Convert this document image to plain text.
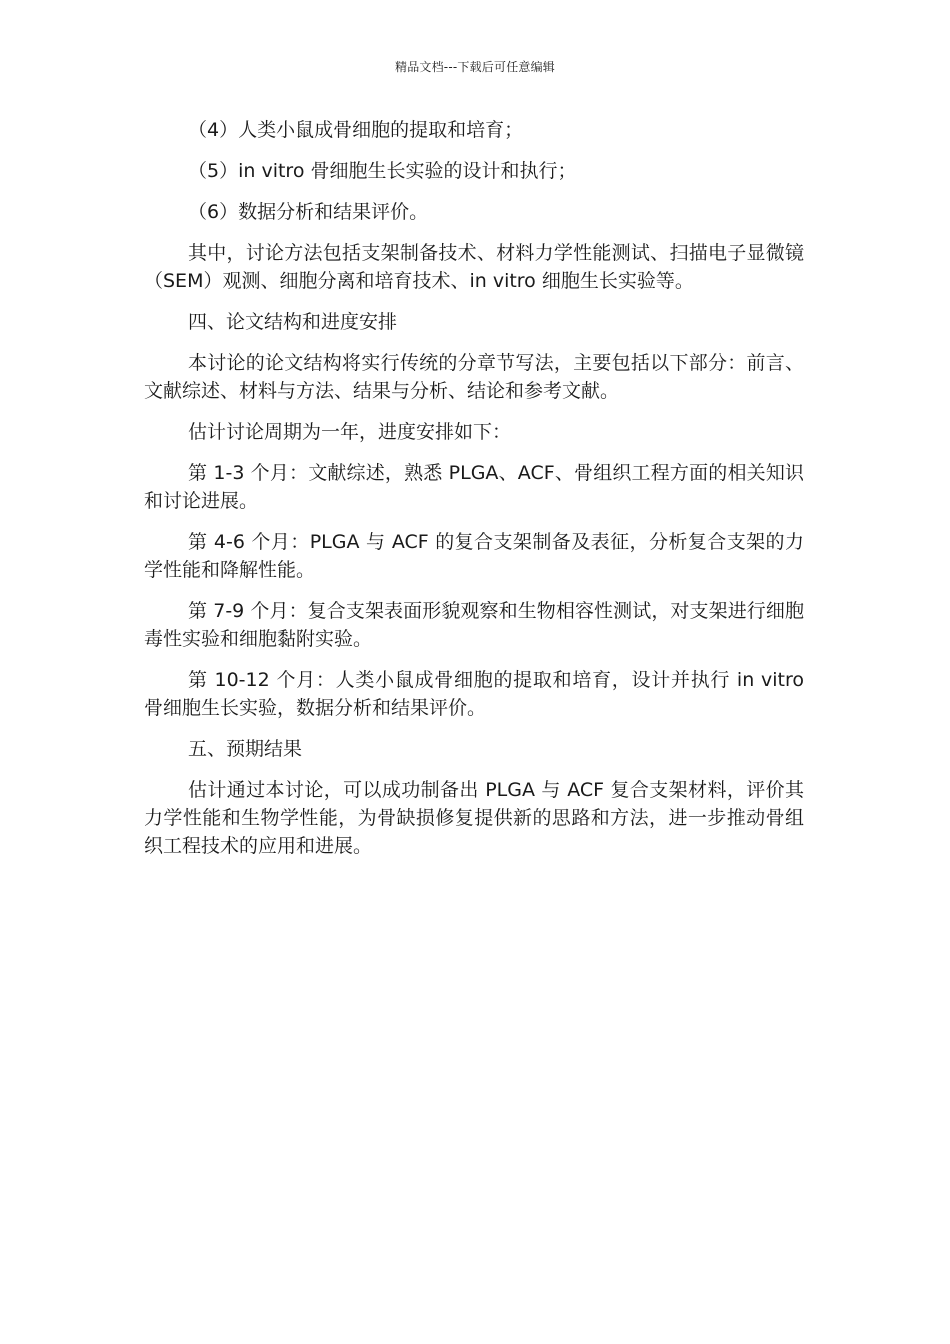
精品文档---下载后可任意编辑

（4）人类小鼠成骨细胞的提取和培育；

（5）in vitro 骨细胞生长实验的设计和执行；

（6）数据分析和结果评价。

其中，讨论方法包括支架制备技术、材料力学性能测试、扫描电子显微镜（SEM）观测、细胞分离和培育技术、in vitro 细胞生长实验等。

四、论文结构和进度安排

本讨论的论文结构将实行传统的分章节写法，主要包括以下部分：前言、文献综述、材料与方法、结果与分析、结论和参考文献。

估计讨论周期为一年，进度安排如下：

第 1-3 个月：文献综述，熟悉 PLGA、ACF、骨组织工程方面的相关知识和讨论进展。

第 4-6 个月：PLGA 与 ACF 的复合支架制备及表征，分析复合支架的力学性能和降解性能。

第 7-9 个月：复合支架表面形貌观察和生物相容性测试，对支架进行细胞毒性实验和细胞黏附实验。

第 10-12 个月：人类小鼠成骨细胞的提取和培育，设计并执行 in vitro 骨细胞生长实验，数据分析和结果评价。

五、预期结果

估计通过本讨论，可以成功制备出 PLGA 与 ACF 复合支架材料，评价其力学性能和生物学性能，为骨缺损修复提供新的思路和方法，进一步推动骨组织工程技术的应用和进展。
